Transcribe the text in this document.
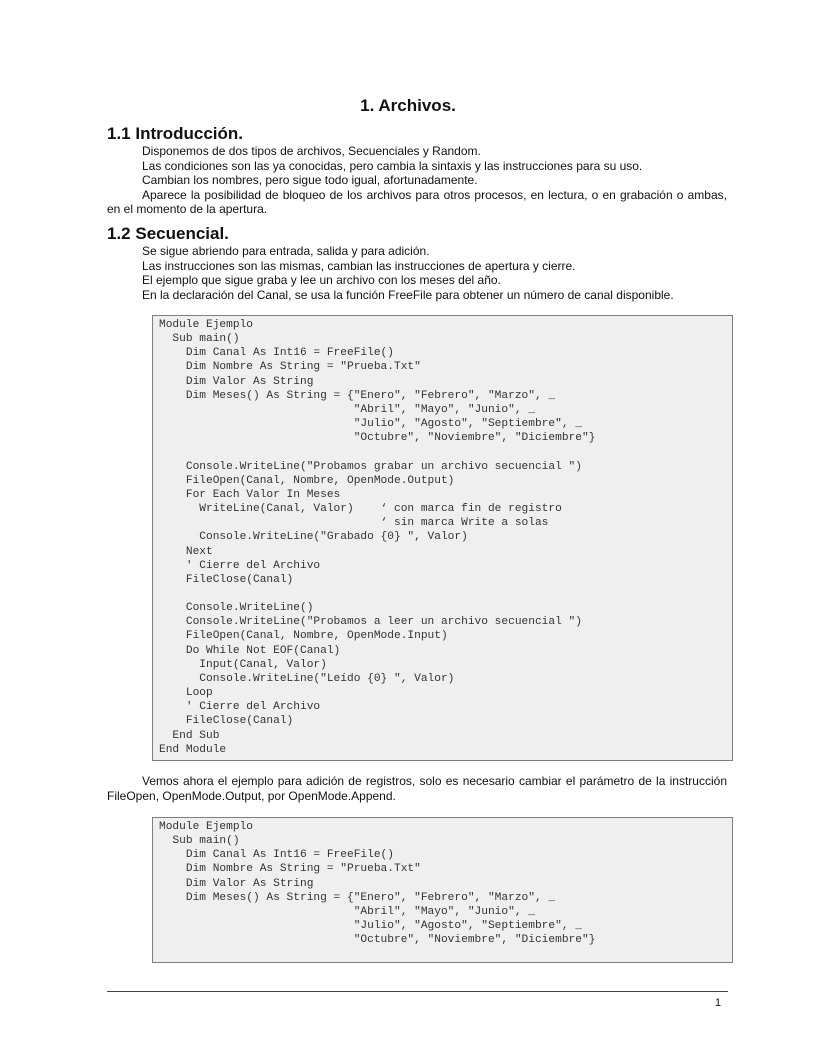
1. Archivos.
1.1 Introducción.

Disponemos de dos tipos de archivos, Secuenciales y Random.

Las condiciones son las ya conocidas, pero cambia la sintaxis y las instrucciones para su uso.

Cambian los nombres, pero sigue todo igual, afortunadamente.

Aparece la posibilidad de bloqueo de los archivos para otros procesos, en lectura, o en grabación o ambas, en el momento de la apertura.

1.2 Secuencial.

Se sigue abriendo para entrada, salida y para adición.

Las instrucciones son las mismas, cambian las instrucciones de apertura y cierre.

El ejemplo que sigue graba y lee un archivo con los meses del año.

En la declaración del Canal, se usa la función FreeFile para obtener un número de canal disponible.

Module Ejemplo
Sub main()
Dim Canal As Int16 = FreeFile()
Dim Nombre As String = "Prueba.Txt"
Dim Valor As String
Dim Meses() As String = {"Enero", "Febrero", "Marzo", _
"Abril", "Mayo", "Junio", _
"Julio", "Agosto", "Septiembre", _
"Octubre", "Noviembre", "Diciembre"}

Console.WriteLine("Probamos grabar un archivo secuencial ")
FileOpen(Canal, Nombre, OpenMode.Output)
For Each Valor In Meses
WriteLine(Canal, Valor)    ‘ con marca fin de registro
‘ sin marca Write a solas
Console.WriteLine("Grabado {0} ", Valor)
Next
' Cierre del Archivo
FileClose(Canal)

Console.WriteLine()
Console.WriteLine("Probamos a leer un archivo secuencial ")
FileOpen(Canal, Nombre, OpenMode.Input)
Do While Not EOF(Canal)
Input(Canal, Valor)
Console.WriteLine("Leído {0} ", Valor)
Loop
' Cierre del Archivo
FileClose(Canal)
End Sub
End Module

Vemos ahora el ejemplo para adición de registros, solo es necesario cambiar el parámetro de la instrucción FileOpen, OpenMode.Output, por OpenMode.Append.

Module Ejemplo
Sub main()
Dim Canal As Int16 = FreeFile()
Dim Nombre As String = "Prueba.Txt"
Dim Valor As String
Dim Meses() As String = {"Enero", "Febrero", "Marzo", _
"Abril", "Mayo", "Junio", _
"Julio", "Agosto", "Septiembre", _
"Octubre", "Noviembre", "Diciembre"}
1
